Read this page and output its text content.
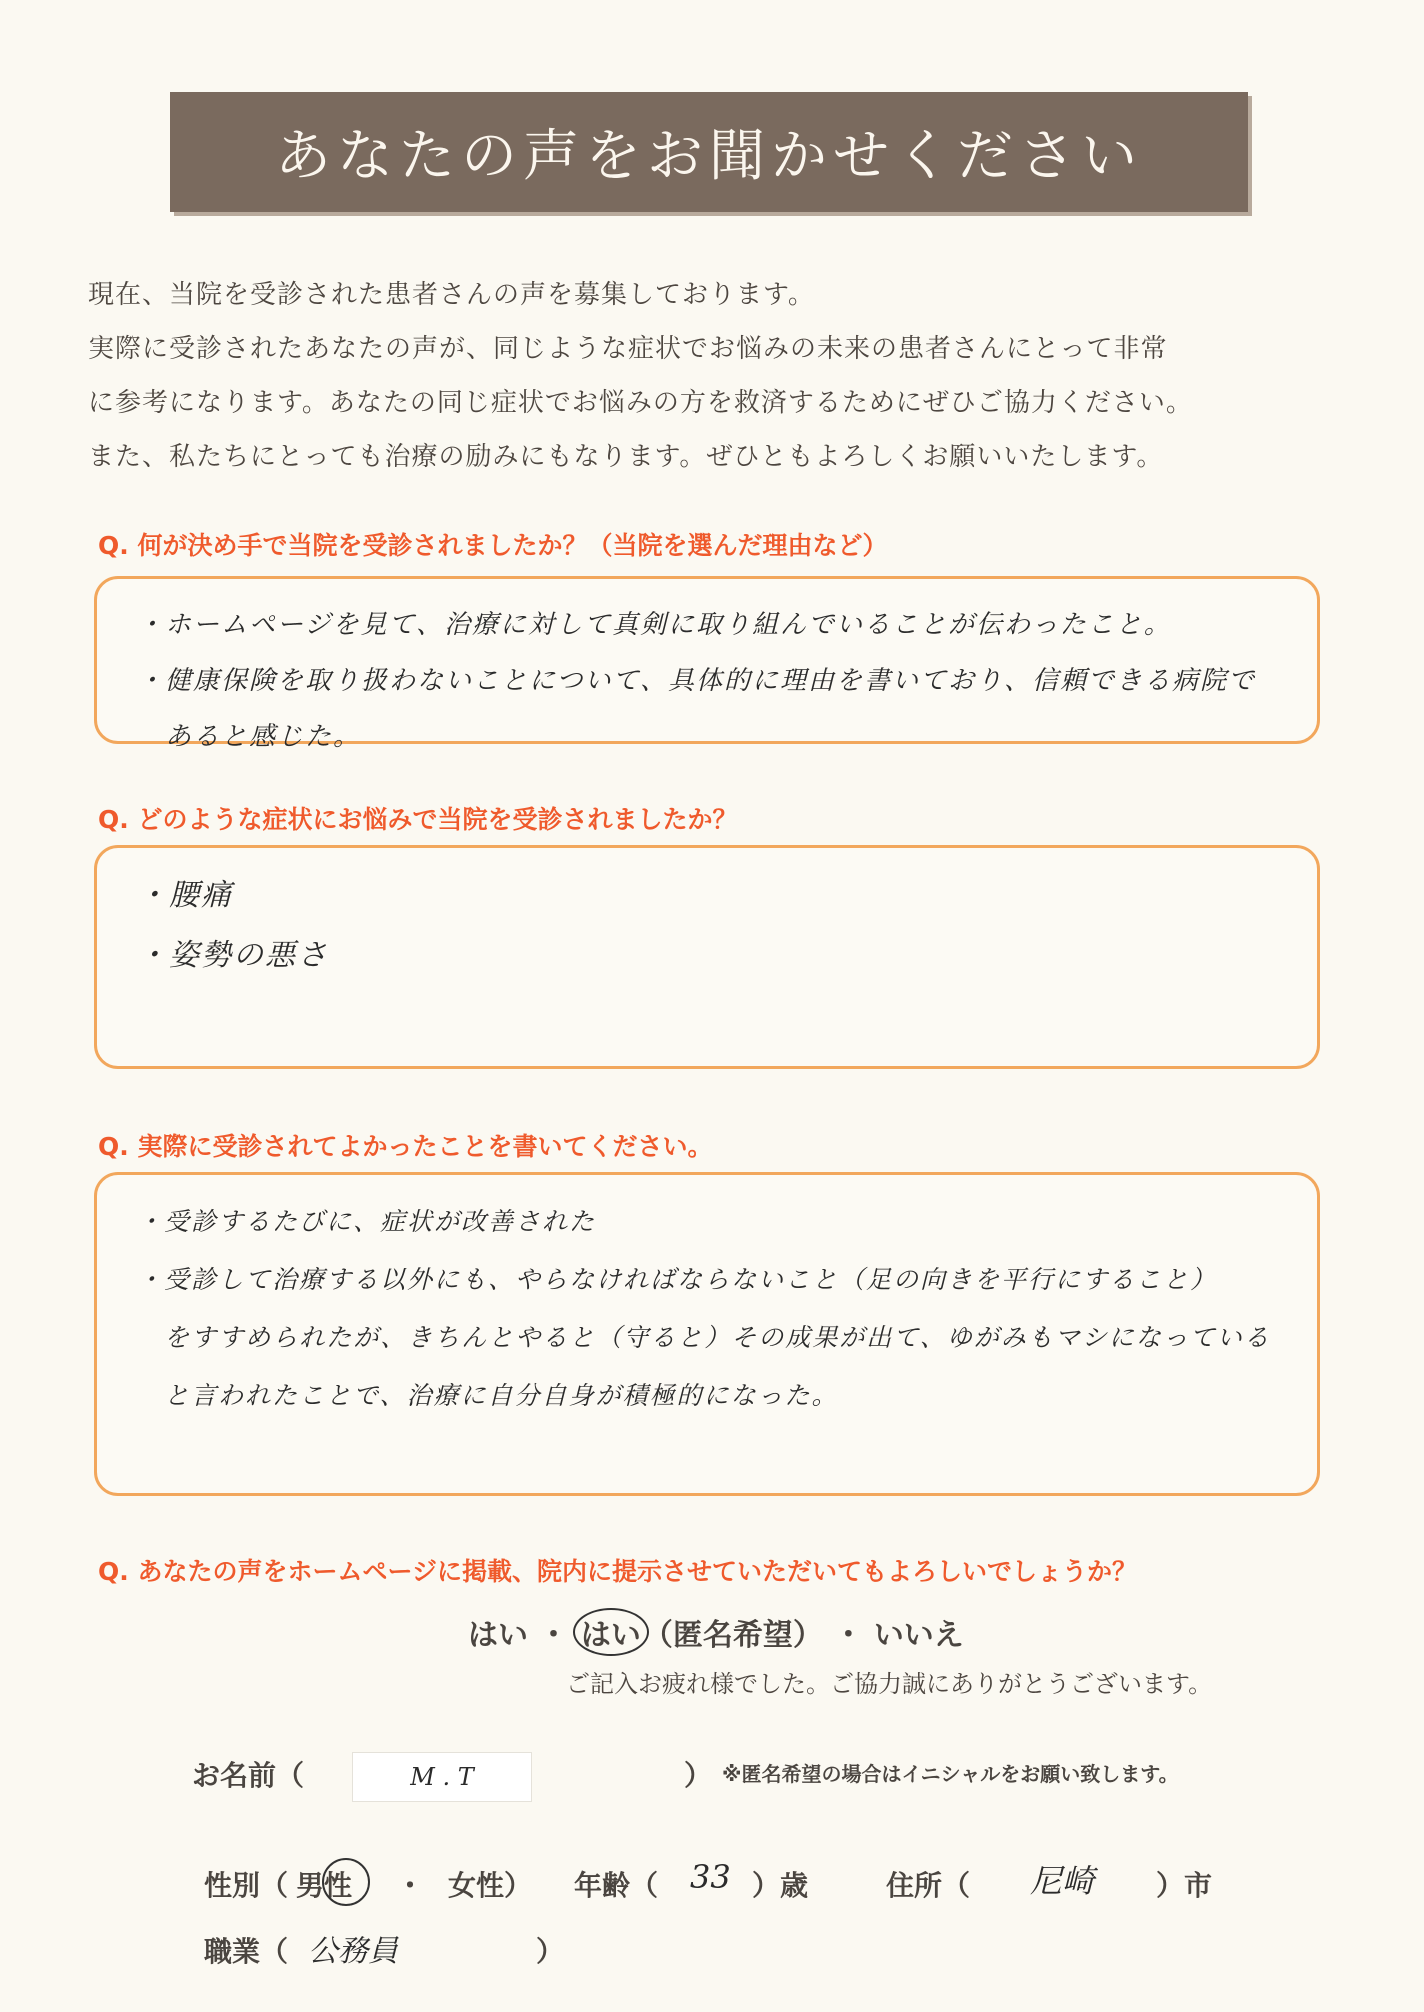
あなたの声をお聞かせください

現在、当院を受診された患者さんの声を募集しております。

実際に受診されたあなたの声が、同じような症状でお悩みの未来の患者さんにとって非常

に参考になります。あなたの同じ症状でお悩みの方を救済するためにぜひご協力ください。

また、私たちにとっても治療の励みにもなります。ぜひともよろしくお願いいたします。

Q. 何が決め手で当院を受診されましたか？（当院を選んだ理由など）

・ホームページを見て、治療に対して真剣に取り組んでいることが伝わったこと。

・健康保険を取り扱わないことについて、具体的に理由を書いており、信頼できる病院で

　あると感じた。

Q. どのような症状にお悩みで当院を受診されましたか？

・腰痛

・姿勢の悪さ

Q. 実際に受診されてよかったことを書いてください。

・受診するたびに、症状が改善された

・受診して治療する以外にも、やらなければならないこと（足の向きを平行にすること）

　をすすめられたが、きちんとやると（守ると）その成果が出て、ゆがみもマシになっている

　と言われたことで、治療に自分自身が積極的になった。

Q. あなたの声をホームページに掲載、院内に提示させていただいてもよろしいでしょうか？
はい ・ はい（匿名希望） ・ いいえ
ご記入お疲れ様でした。ご協力誠にありがとうございます。
お名前（	M . T	） ※匿名希望の場合はイニシャルをお願い致します。
性別（ 男性 ・ 女性） 年齢（ 33 ）歳	住所（ 尼崎 ）市
職業（ 公務員	）
